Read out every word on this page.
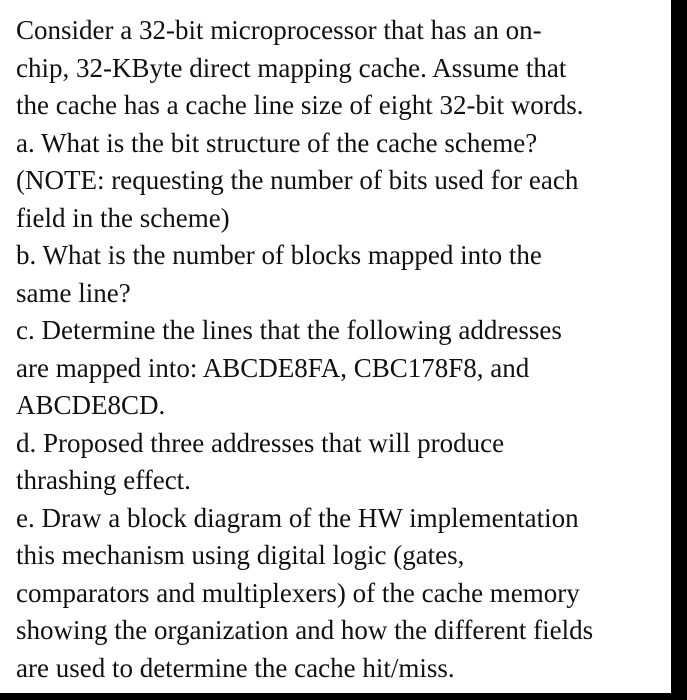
Consider a 32-bit microprocessor that has an on-
chip, 32-KByte direct mapping cache. Assume that
the cache has a cache line size of eight 32-bit words.
a. What is the bit structure of the cache scheme?
(NOTE: requesting the number of bits used for each
field in the scheme)
b. What is the number of blocks mapped into the
same line?
c. Determine the lines that the following addresses
are mapped into: ABCDE8FA, CBC178F8, and
ABCDE8CD.
d. Proposed three addresses that will produce
thrashing effect.
e. Draw a block diagram of the HW implementation
this mechanism using digital logic (gates,
comparators and multiplexers) of the cache memory
showing the organization and how the different fields
are used to determine the cache hit/miss.
